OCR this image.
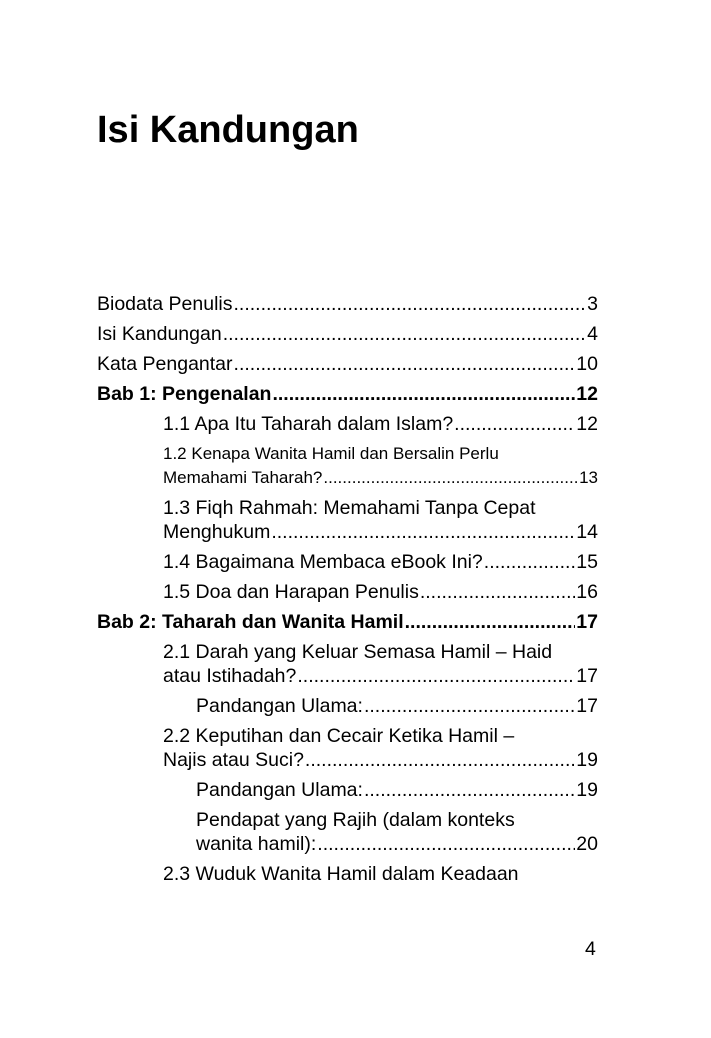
Isi Kandungan
Biodata Penulis .....	3
Isi Kandungan .....	4
Kata Pengantar .....	10
Bab 1: Pengenalan .....	12
1.1 Apa Itu Taharah dalam Islam? .....	12
1.2 Kenapa Wanita Hamil dan Bersalin Perlu
Memahami Taharah? .....	13
1.3 Fiqh Rahmah: Memahami Tanpa Cepat
Menghukum .....	14
1.4 Bagaimana Membaca eBook Ini? .....	15
1.5 Doa dan Harapan Penulis .....	16
Bab 2: Taharah dan Wanita Hamil .....	17
2.1 Darah yang Keluar Semasa Hamil – Haid
atau Istihadah? .....	17
Pandangan Ulama: .....	17
2.2 Keputihan dan Cecair Ketika Hamil –
Najis atau Suci? .....	19
Pandangan Ulama: .....	19
Pendapat yang Rajih (dalam konteks
wanita hamil): .....	20
2.3 Wuduk Wanita Hamil dalam Keadaan
4
